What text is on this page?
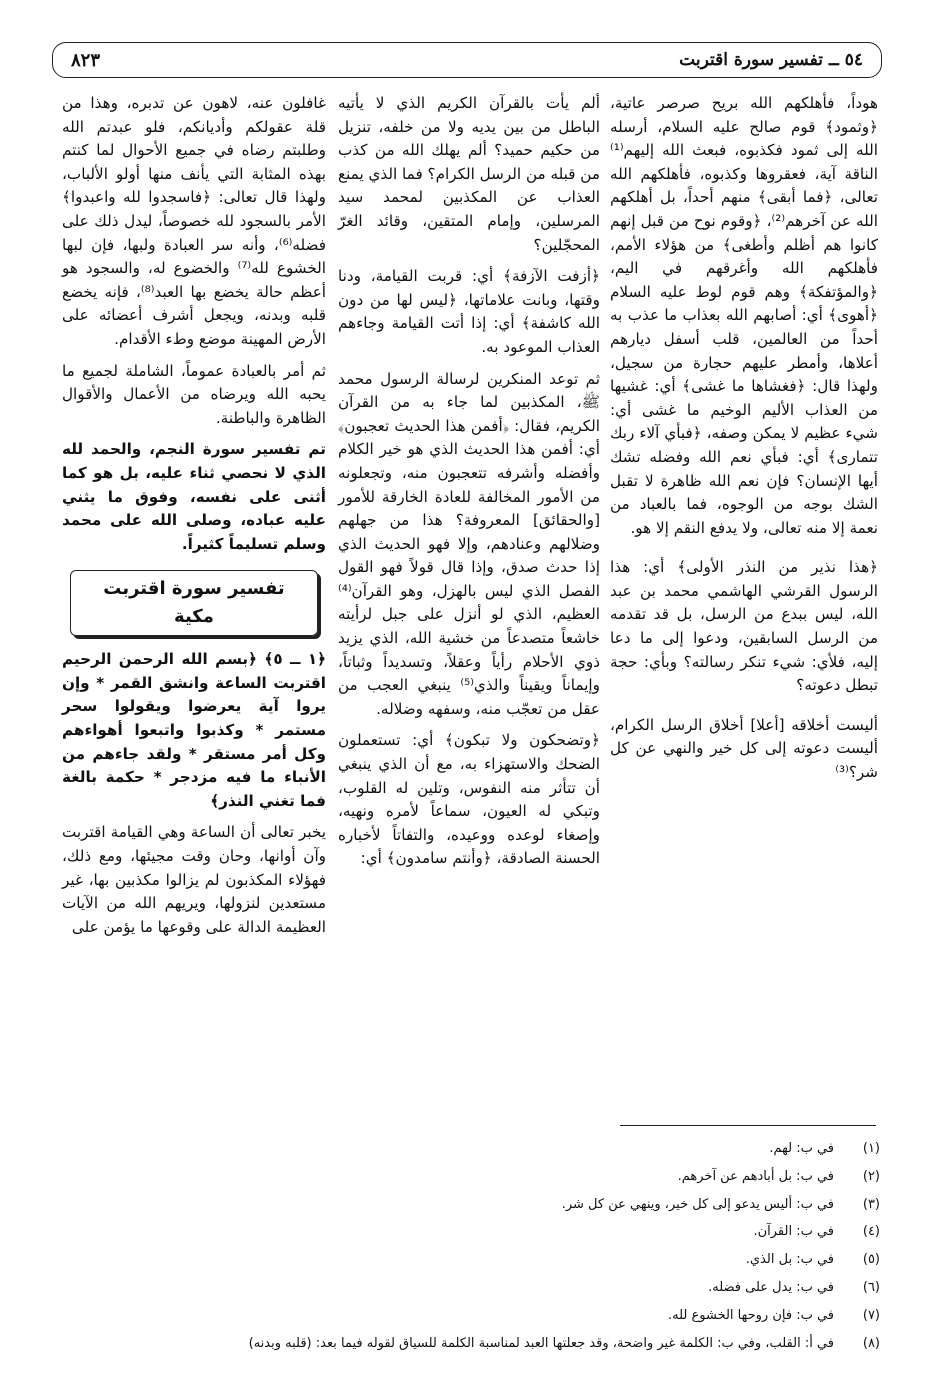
٨٢٣	٥٤ ــ تفسير سورة اقتربت

هوداً، فأهلكهم الله بريح صرصر عاتية، ﴿وثمود﴾ قوم صالح عليه السلام، أرسله الله إلى ثمود فكذبوه، فبعث الله إليهم⁽¹⁾ الناقة آية، فعقروها وكذبوه، فأهلكهم الله تعالى، ﴿فما أبقى﴾ منهم أحداً، بل أهلكهم الله عن آخرهم⁽²⁾، ﴿وقوم نوح من قبل إنهم كانوا هم أظلم وأطغى﴾ من هؤلاء الأمم، فأهلكهم الله وأغرقهم في اليم، ﴿والمؤتفكة﴾ وهم قوم لوط عليه السلام ﴿أهوى﴾ أي: أصابهم الله بعذاب ما عذب به أحداً من العالمين، قلب أسفل ديارهم أعلاها، وأمطر عليهم حجارة من سجيل، ولهذا قال: ﴿فغشاها ما غشى﴾ أي: غشيها من العذاب الأليم الوخيم ما غشى أي: شيء عظيم لا يمكن وصفه، ﴿فبأي آلاء ربك تتمارى﴾ أي: فبأي نعم الله وفضله تشك أيها الإنسان؟ فإن نعم الله ظاهرة لا تقبل الشك بوجه من الوجوه، فما بالعباد من نعمة إلا منه تعالى، ولا يدفع النقم إلا هو.

﴿هذا نذير من النذر الأولى﴾ أي: هذا الرسول القرشي الهاشمي محمد بن عبد الله، ليس ببدع من الرسل، بل قد تقدمه من الرسل السابقين، ودعوا إلى ما دعا إليه، فلأي: شيء تنكر رسالته؟ وبأي: حجة تبطل دعوته؟

أليست أخلاقه [أعلا] أخلاق الرسل الكرام، أليست دعوته إلى كل خير والنهي عن كل شر؟⁽³⁾

ألم يأت بالقرآن الكريم الذي لا يأتيه الباطل من بين يديه ولا من خلفه، تنزيل من حكيم حميد؟ ألم يهلك الله من كذب من قبله من الرسل الكرام؟ فما الذي يمنع العذاب عن المكذبين لمحمد سيد المرسلين، وإمام المتقين، وقائد الغرّ المحجّلين؟

﴿أزفت الآزفة﴾ أي: قربت القيامة، ودنا وقتها، وبانت علاماتها، ﴿ليس لها من دون الله كاشفة﴾ أي: إذا أتت القيامة وجاءهم العذاب الموعود به.

ثم توعد المنكرين لرسالة الرسول محمد ﷺ، المكذبين لما جاء به من القرآن الكريم، فقال: ﴿أفمن هذا الحديث تعجبون﴾ أي: أفمن هذا الحديث الذي هو خير الكلام وأفضله وأشرفه تتعجبون منه، وتجعلونه من الأمور المخالفة للعادة الخارقة للأمور [والحقائق] المعروفة؟ هذا من جهلهم وضلالهم وعنادهم، وإلا فهو الحديث الذي إذا حدث صدق، وإذا قال قولاً فهو القول الفصل الذي ليس بالهزل، وهو القرآن⁽⁴⁾ العظيم، الذي لو أنزل على جبل لرأيته خاشعاً متصدعاً من خشية الله، الذي يزيد ذوي الأحلام رأياً وعقلاً، وتسديداً وثباتاً، وإيماناً ويقيناً والذي⁽⁵⁾ ينبغي العجب من عقل من تعجّب منه، وسفهه وضلاله.

﴿وتضحكون ولا تبكون﴾ أي: تستعملون الضحك والاستهزاء به، مع أن الذي ينبغي أن تتأثر منه النفوس، وتلين له القلوب، وتبكي له العيون، سماعاً لأمره ونهيه، وإصغاء لوعده ووعيده، والتفاتاً لأخباره الحسنة الصادقة، ﴿وأنتم سامدون﴾ أي:

غافلون عنه، لاهون عن تدبره، وهذا من قلة عقولكم وأديانكم، فلو عبدتم الله وطلبتم رضاه في جميع الأحوال لما كنتم بهذه المثابة التي يأنف منها أولو الألباب، ولهذا قال تعالى: ﴿فاسجدوا لله واعبدوا﴾ الأمر بالسجود لله خصوصاً، ليدل ذلك على فضله⁽⁶⁾، وأنه سر العبادة ولبها، فإن لبها الخشوع لله⁽⁷⁾ والخضوع له، والسجود هو أعظم حالة يخضع بها العبد⁽⁸⁾، فإنه يخضع قلبه وبدنه، ويجعل أشرف أعضائه على الأرض المهينة موضع وطء الأقدام.

ثم أمر بالعبادة عموماً، الشاملة لجميع ما يحبه الله ويرضاه من الأعمال والأقوال الظاهرة والباطنة.

تم تفسير سورة النجم، والحمد لله الذي لا نحصي ثناء عليه، بل هو كما أثنى على نفسه، وفوق ما يثني عليه عباده، وصلى الله على محمد وسلم تسليماً كثيراً.

تفسير سورة اقتربت
مكية

﴿١ ــ ٥﴾ ﴿بسم الله الرحمن الرحيم اقتربت الساعة وانشق القمر * وإن يروا آية يعرضوا ويقولوا سحر مستمر * وكذبوا واتبعوا أهواءهم وكل أمر مستقر * ولقد جاءهم من الأنباء ما فيه مزدجر * حكمة بالغة فما تغني النذر﴾

يخبر تعالى أن الساعة وهي القيامة اقتربت وآن أوانها، وحان وقت مجيئها، ومع ذلك، فهؤلاء المكذبون لم يزالوا مكذبين بها، غير مستعدين لنزولها، ويريهم الله من الآيات العظيمة الدالة على وقوعها ما يؤمن على

(١)
في ب: لهم.
(٢)
في ب: بل أبادهم عن آخرهم.
(٣)
في ب: أليس يدعو إلى كل خير، وينهي عن كل شر.
(٤)
في ب: القرآن.
(٥)
في ب: بل الذي.
(٦)
في ب: يدل على فضله.
(٧)
في ب: فإن روحها الخشوع لله.
(٨)
في أ: القلب، وفي ب: الكلمة غير واضحة، وقد جعلتها العبد لمناسبة الكلمة للسياق لقوله فيما بعد: (قلبه وبدنه)
